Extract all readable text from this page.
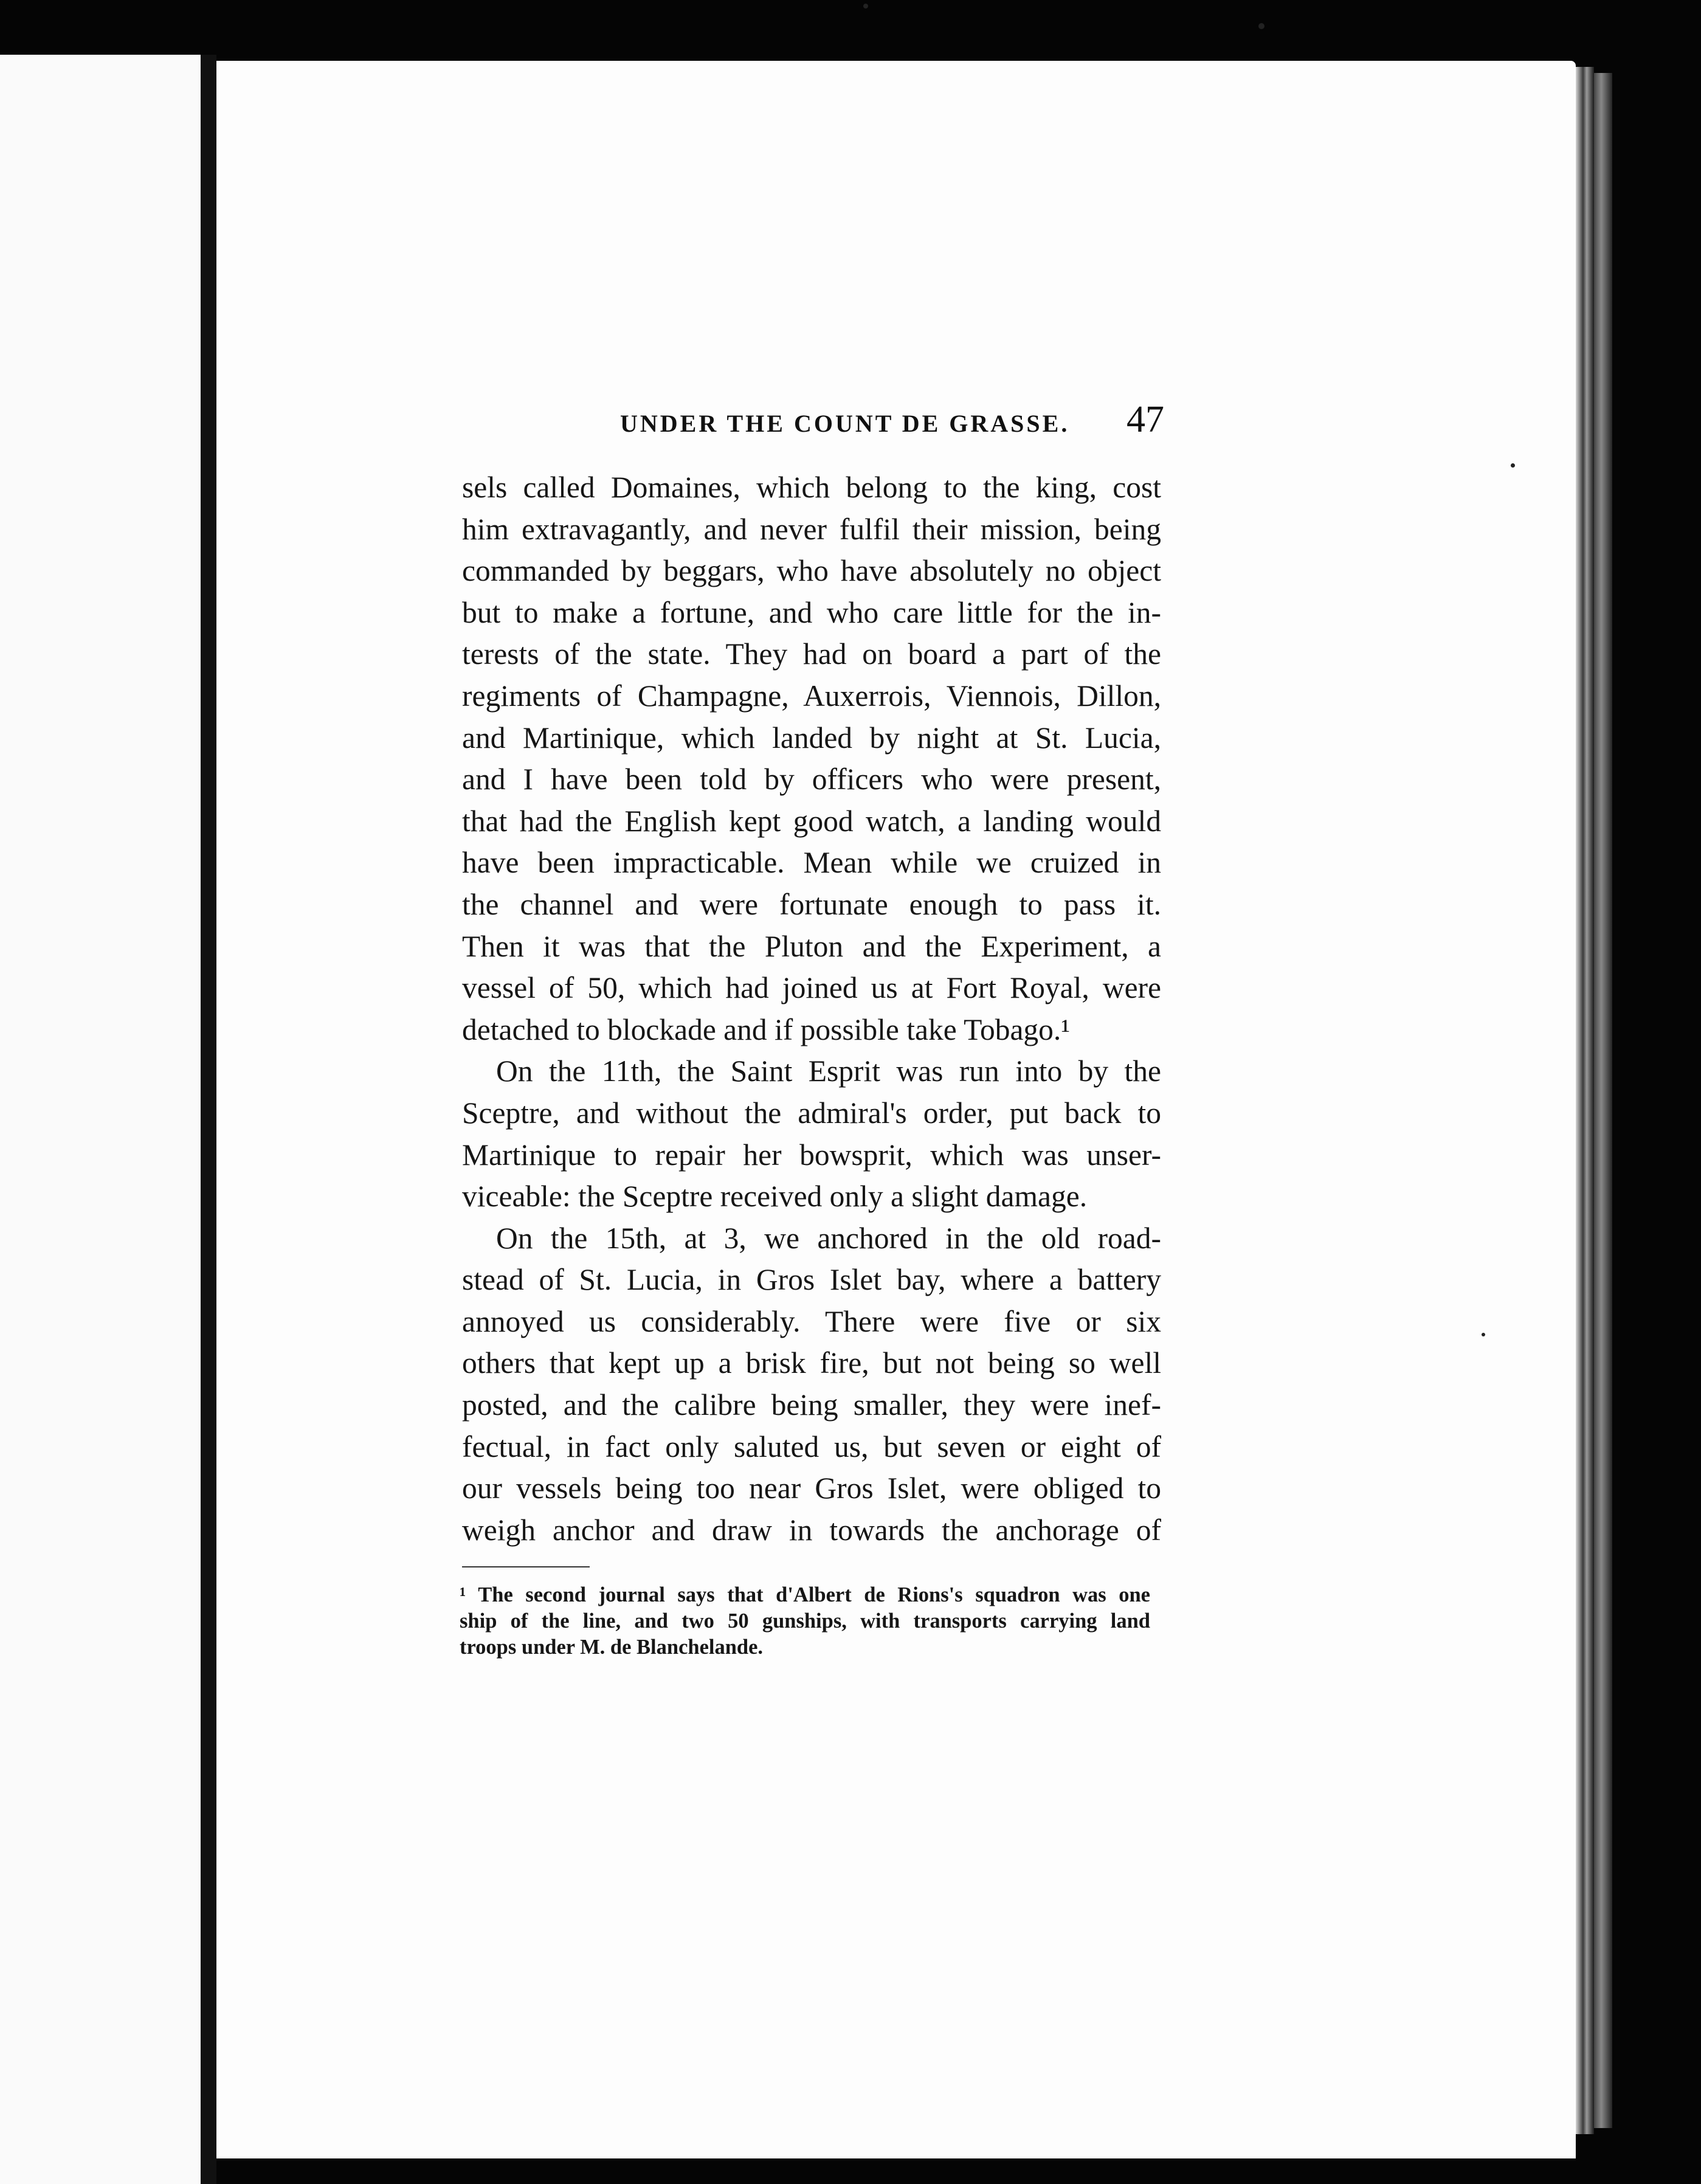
UNDER THE COUNT DE GRASSE. 47
sels called Domaines, which belong to the king, cost
him extravagantly, and never fulfil their mission, being
commanded by beggars, who have absolutely no object
but to make a fortune, and who care little for the in-
terests of the state. They had on board a part of the
regiments of Champagne, Auxerrois, Viennois, Dillon,
and Martinique, which landed by night at St. Lucia,
and I have been told by officers who were present,
that had the English kept good watch, a landing would
have been impracticable. Mean while we cruized in
the channel and were fortunate enough to pass it.
Then it was that the Pluton and the Experiment, a
vessel of 50, which had joined us at Fort Royal, were
detached to blockade and if possible take Tobago.¹
On the 11th, the Saint Esprit was run into by the
Sceptre, and without the admiral's order, put back to
Martinique to repair her bowsprit, which was unser-
viceable: the Sceptre received only a slight damage.
On the 15th, at 3, we anchored in the old road-
stead of St. Lucia, in Gros Islet bay, where a battery
annoyed us considerably. There were five or six
others that kept up a brisk fire, but not being so well
posted, and the calibre being smaller, they were inef-
fectual, in fact only saluted us, but seven or eight of
our vessels being too near Gros Islet, were obliged to
weigh anchor and draw in towards the anchorage of
¹ The second journal says that d'Albert de Rions's squadron was one
ship of the line, and two 50 gunships, with transports carrying land
troops under M. de Blanchelande.
